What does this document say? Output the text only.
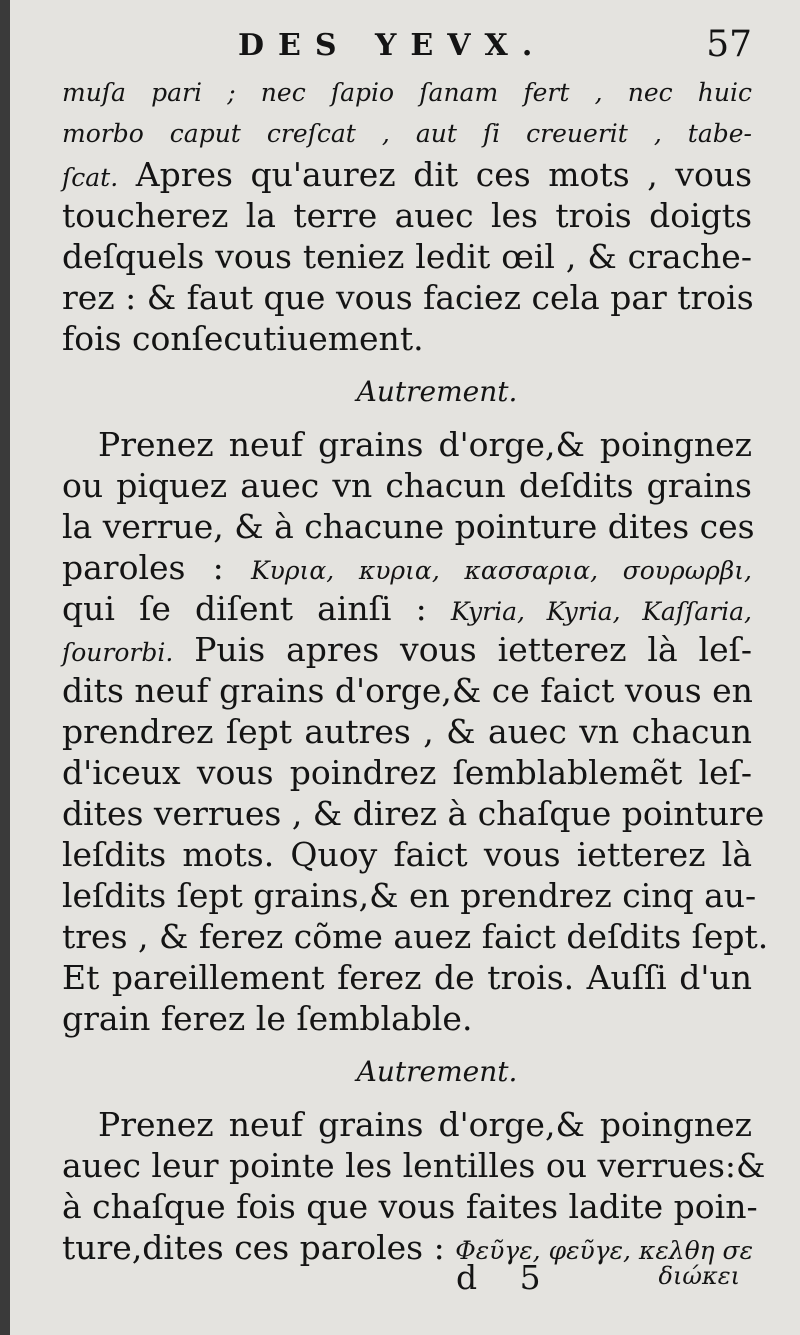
DES YEVX.	57
muſa pari ; nec ſapio ſanam fert , nec huic
morbo caput creſcat , aut ſi creuerit , tabe-
ſcat. Apres qu'aurez dit ces mots , vous
toucherez la terre auec les trois doigts
deſquels vous teniez ledit œil , & crache-
rez : & faut que vous faciez cela par trois
fois conſecutiuement.
Autrement.
Prenez neuf grains d'orge,& poingnez
ou piquez auec vn chacun deſdits grains
la verrue, & à chacune pointure dites ces
paroles : Κυρια, κυρια, κασσαρια, σουρωρβι,
qui ſe diſent ainſi : Kyria, Kyria, Kaſſaria,
ſourorbi. Puis apres vous ietterez là leſ-
dits neuf grains d'orge,& ce faict vous en
prendrez ſept autres , & auec vn chacun
d'iceux vous poindrez ſemblablemẽt leſ-
dites verrues , & direz à chaſque pointure
leſdits mots. Quoy faict vous ietterez là
leſdits ſept grains,& en prendrez cinq au-
tres , & ferez cõme auez faict deſdits ſept.
Et pareillement ferez de trois. Auſſi d'un
grain ferez le ſemblable.
Autrement.
Prenez neuf grains d'orge,& poingnez
auec leur pointe les lentilles ou verrues:&
à chaſque fois que vous faites ladite poin-
ture,dites ces paroles : Φεῦγε, φεῦγε, κελθη σε
d 5	διώκει
